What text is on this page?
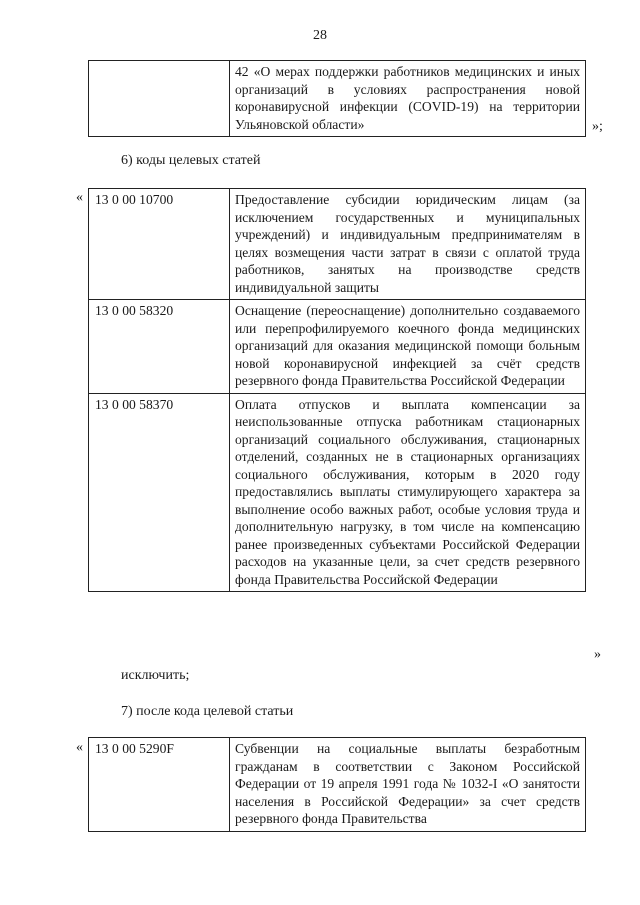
28
	42 «О мерах поддержки работников медицинских и иных организаций в условиях распространения новой коронавирусной инфекции (COVID-19) на территории Ульяновской области»	»;
6) коды целевых статей
« 13 0 00 10700	Предоставление субсидии юридическим лицам (за исключением государственных и муниципальных учреждений) и индивидуальным предпринимателям в целях возмещения части затрат в связи с оплатой труда работников, занятых на производстве средств индивидуальной защиты
13 0 00 58320	Оснащение (переоснащение) дополнительно создаваемого или перепрофилируемого коечного фонда медицинских организаций для оказания медицинской помощи больным новой коронавирусной инфекцией за счёт средств резервного фонда Правительства Российской Федерации
13 0 00 58370	Оплата отпусков и выплата компенсации за неиспользованные отпуска работникам стационарных организаций социального обслуживания, стационарных отделений, созданных не в стационарных организациях социального обслуживания, которым в 2020 году предоставлялись выплаты стимулирующего характера за выполнение особо важных работ, особые условия труда и дополнительную нагрузку, в том числе на компенсацию ранее произведенных субъектами Российской Федерации расходов на указанные цели, за счет средств резервного фонда Правительства Российской Федерации
»
исключить;
7) после кода целевой статьи
« 13 0 00 5290F	Субвенции на социальные выплаты безработным гражданам в соответствии с Законом Российской Федерации от 19 апреля 1991 года № 1032-I «О занятости населения в Российской Федерации» за счет средств резервного фонда Правительства
